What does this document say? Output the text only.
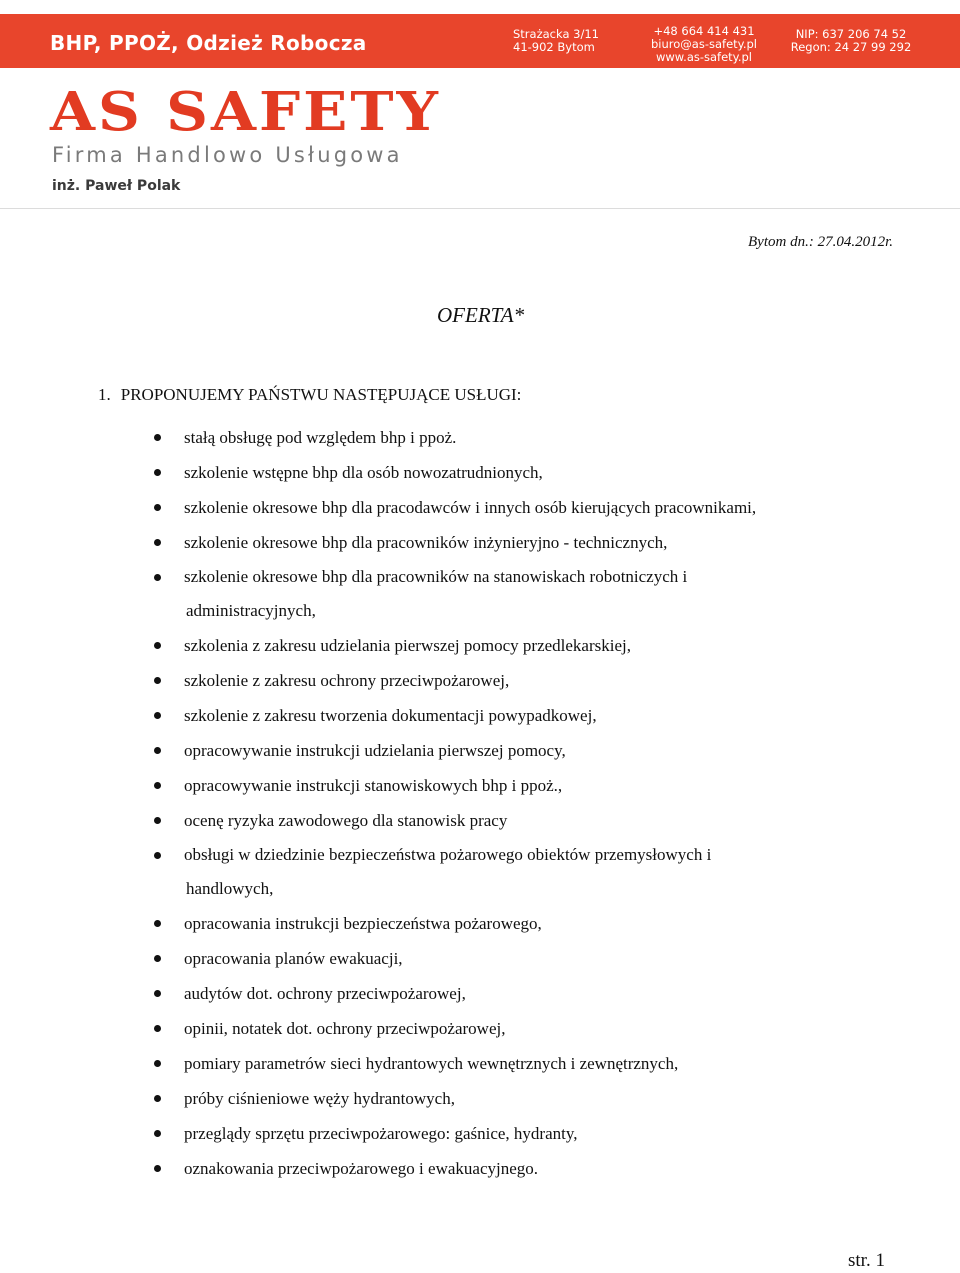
BHP, PPOŻ, Odzież Robocza	Strażacka 3/11
41-902 Bytom
+48 664 414 431
biuro@as-safety.pl
www.as-safety.pl
NIP: 637 206 74 52
Regon: 24 27 99 292
AS SAFETY
Firma Handlowo Usługowa
inż. Paweł Polak
Bytom dn.: 27.04.2012r.
OFERTA*
1. PROPONUJEMY PAŃSTWU NASTĘPUJĄCE USŁUGI:
stałą obsługę pod względem bhp i ppoż.
szkolenie wstępne bhp dla osób nowozatrudnionych,
szkolenie okresowe bhp dla pracodawców i innych osób kierujących pracownikami,
szkolenie okresowe bhp dla pracowników inżynieryjno - technicznych,
szkolenie okresowe bhp dla pracowników na stanowiskach robotniczych i
administracyjnych,
szkolenia z zakresu udzielania pierwszej pomocy przedlekarskiej,
szkolenie z zakresu ochrony przeciwpożarowej,
szkolenie z zakresu tworzenia dokumentacji powypadkowej,
opracowywanie instrukcji udzielania pierwszej pomocy,
opracowywanie instrukcji stanowiskowych bhp i ppoż.,
ocenę ryzyka zawodowego dla stanowisk pracy
obsługi w dziedzinie bezpieczeństwa pożarowego obiektów przemysłowych i
handlowych,
opracowania instrukcji bezpieczeństwa pożarowego,
opracowania planów ewakuacji,
audytów dot. ochrony przeciwpożarowej,
opinii, notatek dot. ochrony przeciwpożarowej,
pomiary parametrów sieci hydrantowych wewnętrznych i zewnętrznych,
próby ciśnieniowe węży hydrantowych,
przeglądy sprzętu przeciwpożarowego: gaśnice, hydranty,
oznakowania przeciwpożarowego i ewakuacyjnego.
str. 1
